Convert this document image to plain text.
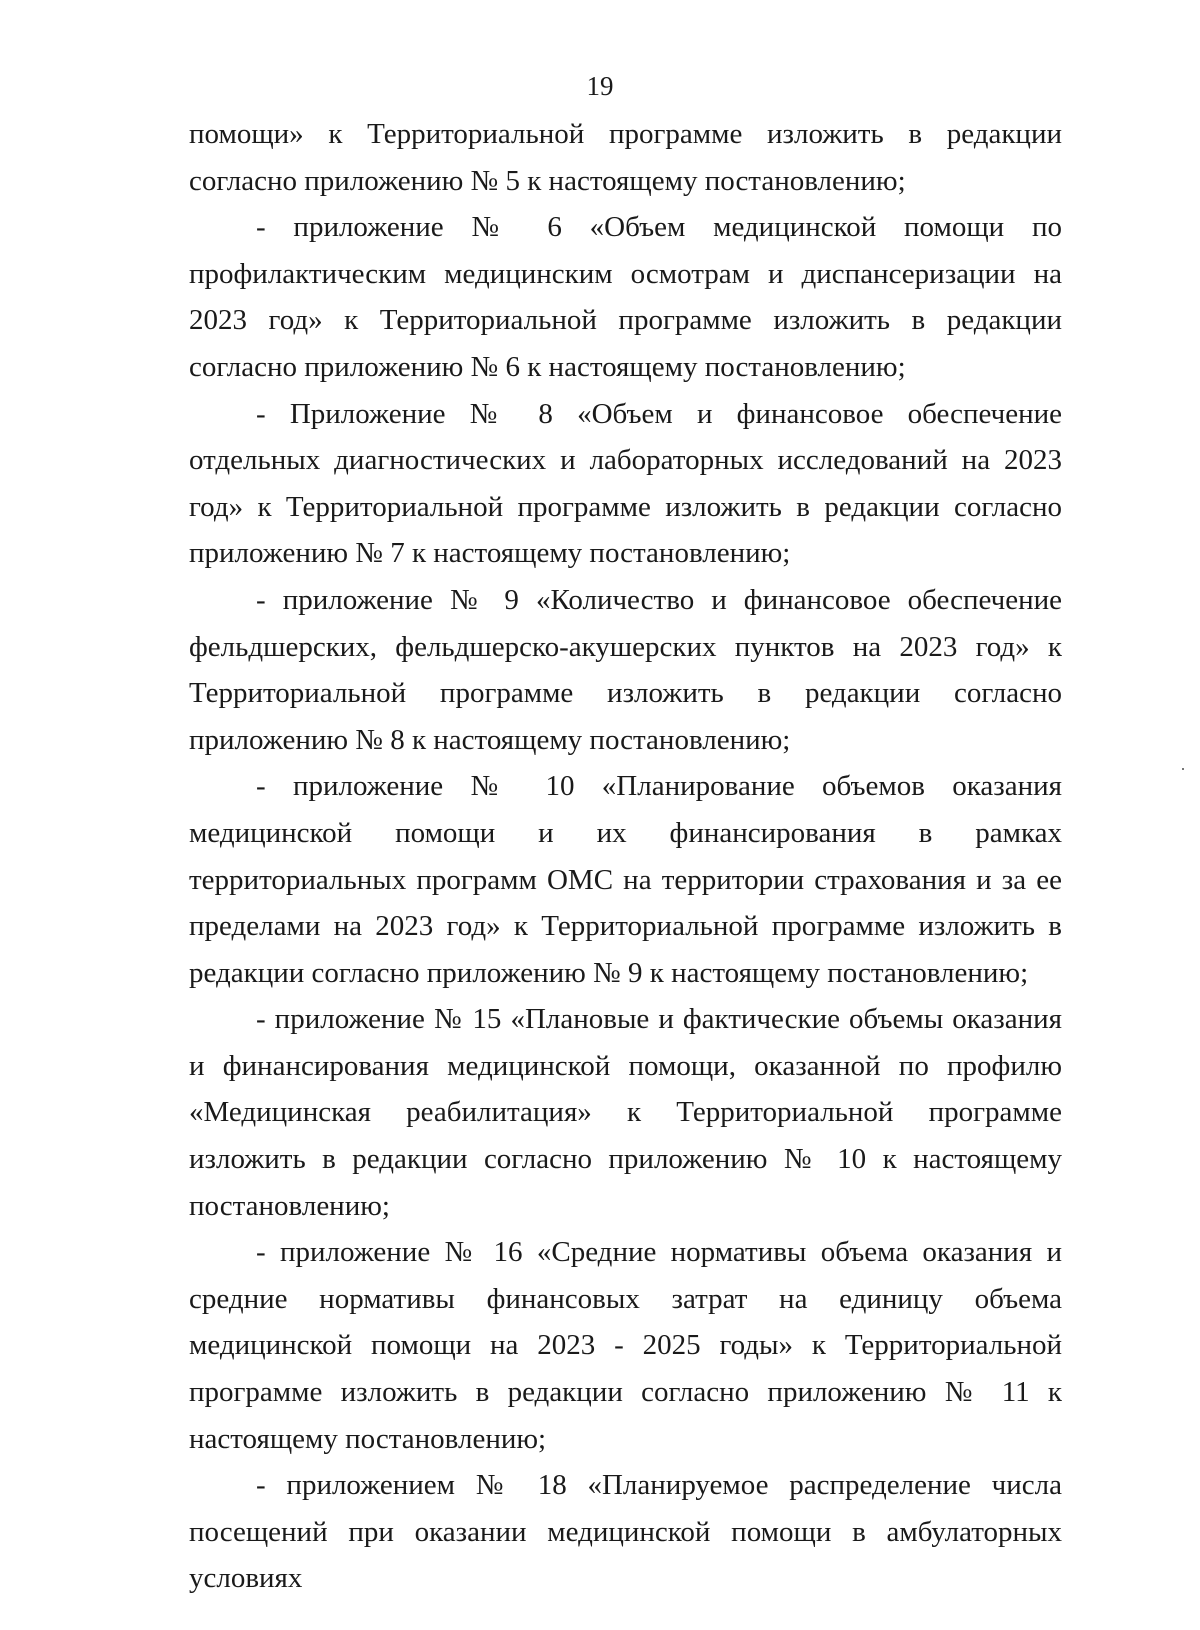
19

помощи» к Территориальной программе изложить в редакции согласно приложению № 5 к настоящему постановлению;

- приложение № 6 «Объем медицинской помощи по профилактическим медицинским осмотрам и диспансеризации на 2023 год» к Территориальной программе изложить в редакции согласно приложению № 6 к настоящему постановлению;

- Приложение № 8 «Объем и финансовое обеспечение отдельных диагностических и лабораторных исследований на 2023 год» к Территориальной программе изложить в редакции согласно приложению № 7 к настоящему постановлению;

- приложение № 9 «Количество и финансовое обеспечение фельдшерских, фельдшерско-акушерских пунктов на 2023 год» к Территориальной программе изложить в редакции согласно приложению № 8 к настоящему постановлению;

- приложение № 10 «Планирование объемов оказания медицинской помощи и их финансирования в рамках территориальных программ ОМС на территории страхования и за ее пределами на 2023 год» к Территориальной программе изложить в редакции согласно приложению № 9 к настоящему постановлению;

- приложение № 15 «Плановые и фактические объемы оказания и финансирования медицинской помощи, оказанной по профилю «Медицинская реабилитация» к Территориальной программе изложить в редакции согласно приложению № 10 к настоящему постановлению;

- приложение № 16 «Средние нормативы объема оказания и средние нормативы финансовых затрат на единицу объема медицинской помощи на 2023 - 2025 годы» к Территориальной программе изложить в редакции согласно приложению № 11 к настоящему постановлению;

- приложением № 18 «Планируемое распределение числа посещений при оказании медицинской помощи в амбулаторных условиях
